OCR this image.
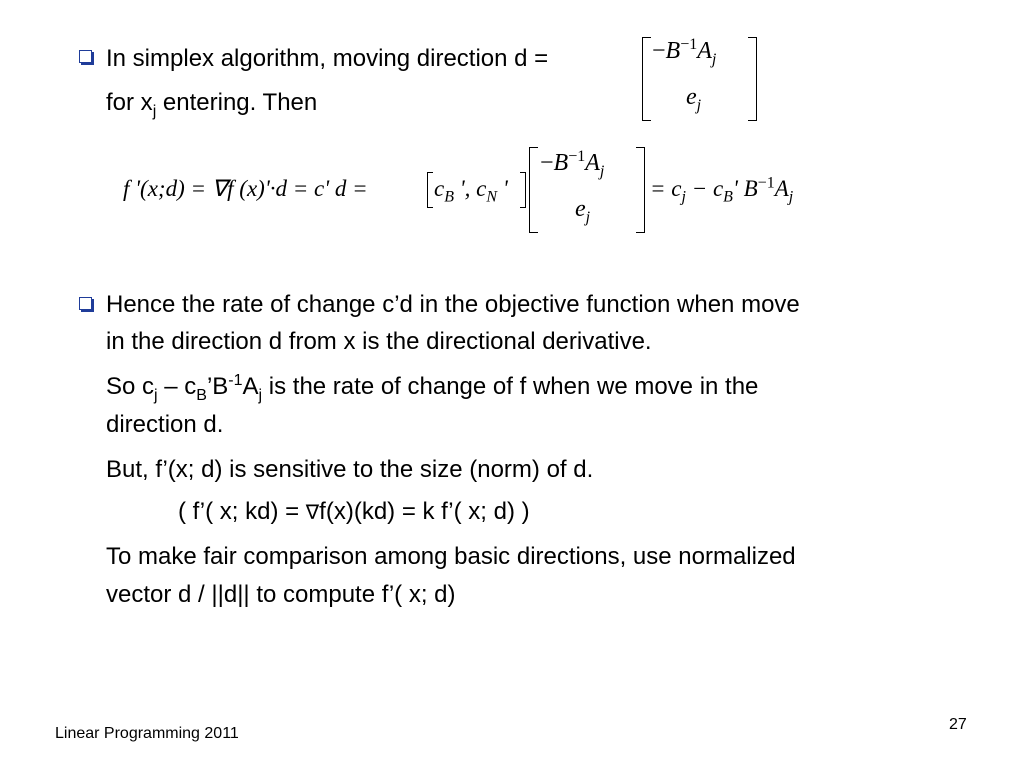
In simplex algorithm, moving direction d =
for $x_j$ entering. Then
$-B^{-1}A_j$
$e_j$
f '(x;d) = ∇f (x)'·d = c' d =	$c_B$ ', $c_N$ '
$-B^{-1}A_j$
$e_j$
= $c_j - c_B'$ $B^{-1}A_j$
Hence the rate of change c’d in the objective function when move
in the direction d from x is the directional derivative.
So $c_j$ – $c_B’B^{-1}A_j$ is the rate of change of f when we move in the
direction d.
But, f’(x; d) is sensitive to the size (norm) of d.
( f’( x; kd) = ∇f(x)(kd) = k f’( x; d) )
To make fair comparison among basic directions, use normalized
vector d / ||d|| to compute f’( x; d)
Linear Programming 2011
27
